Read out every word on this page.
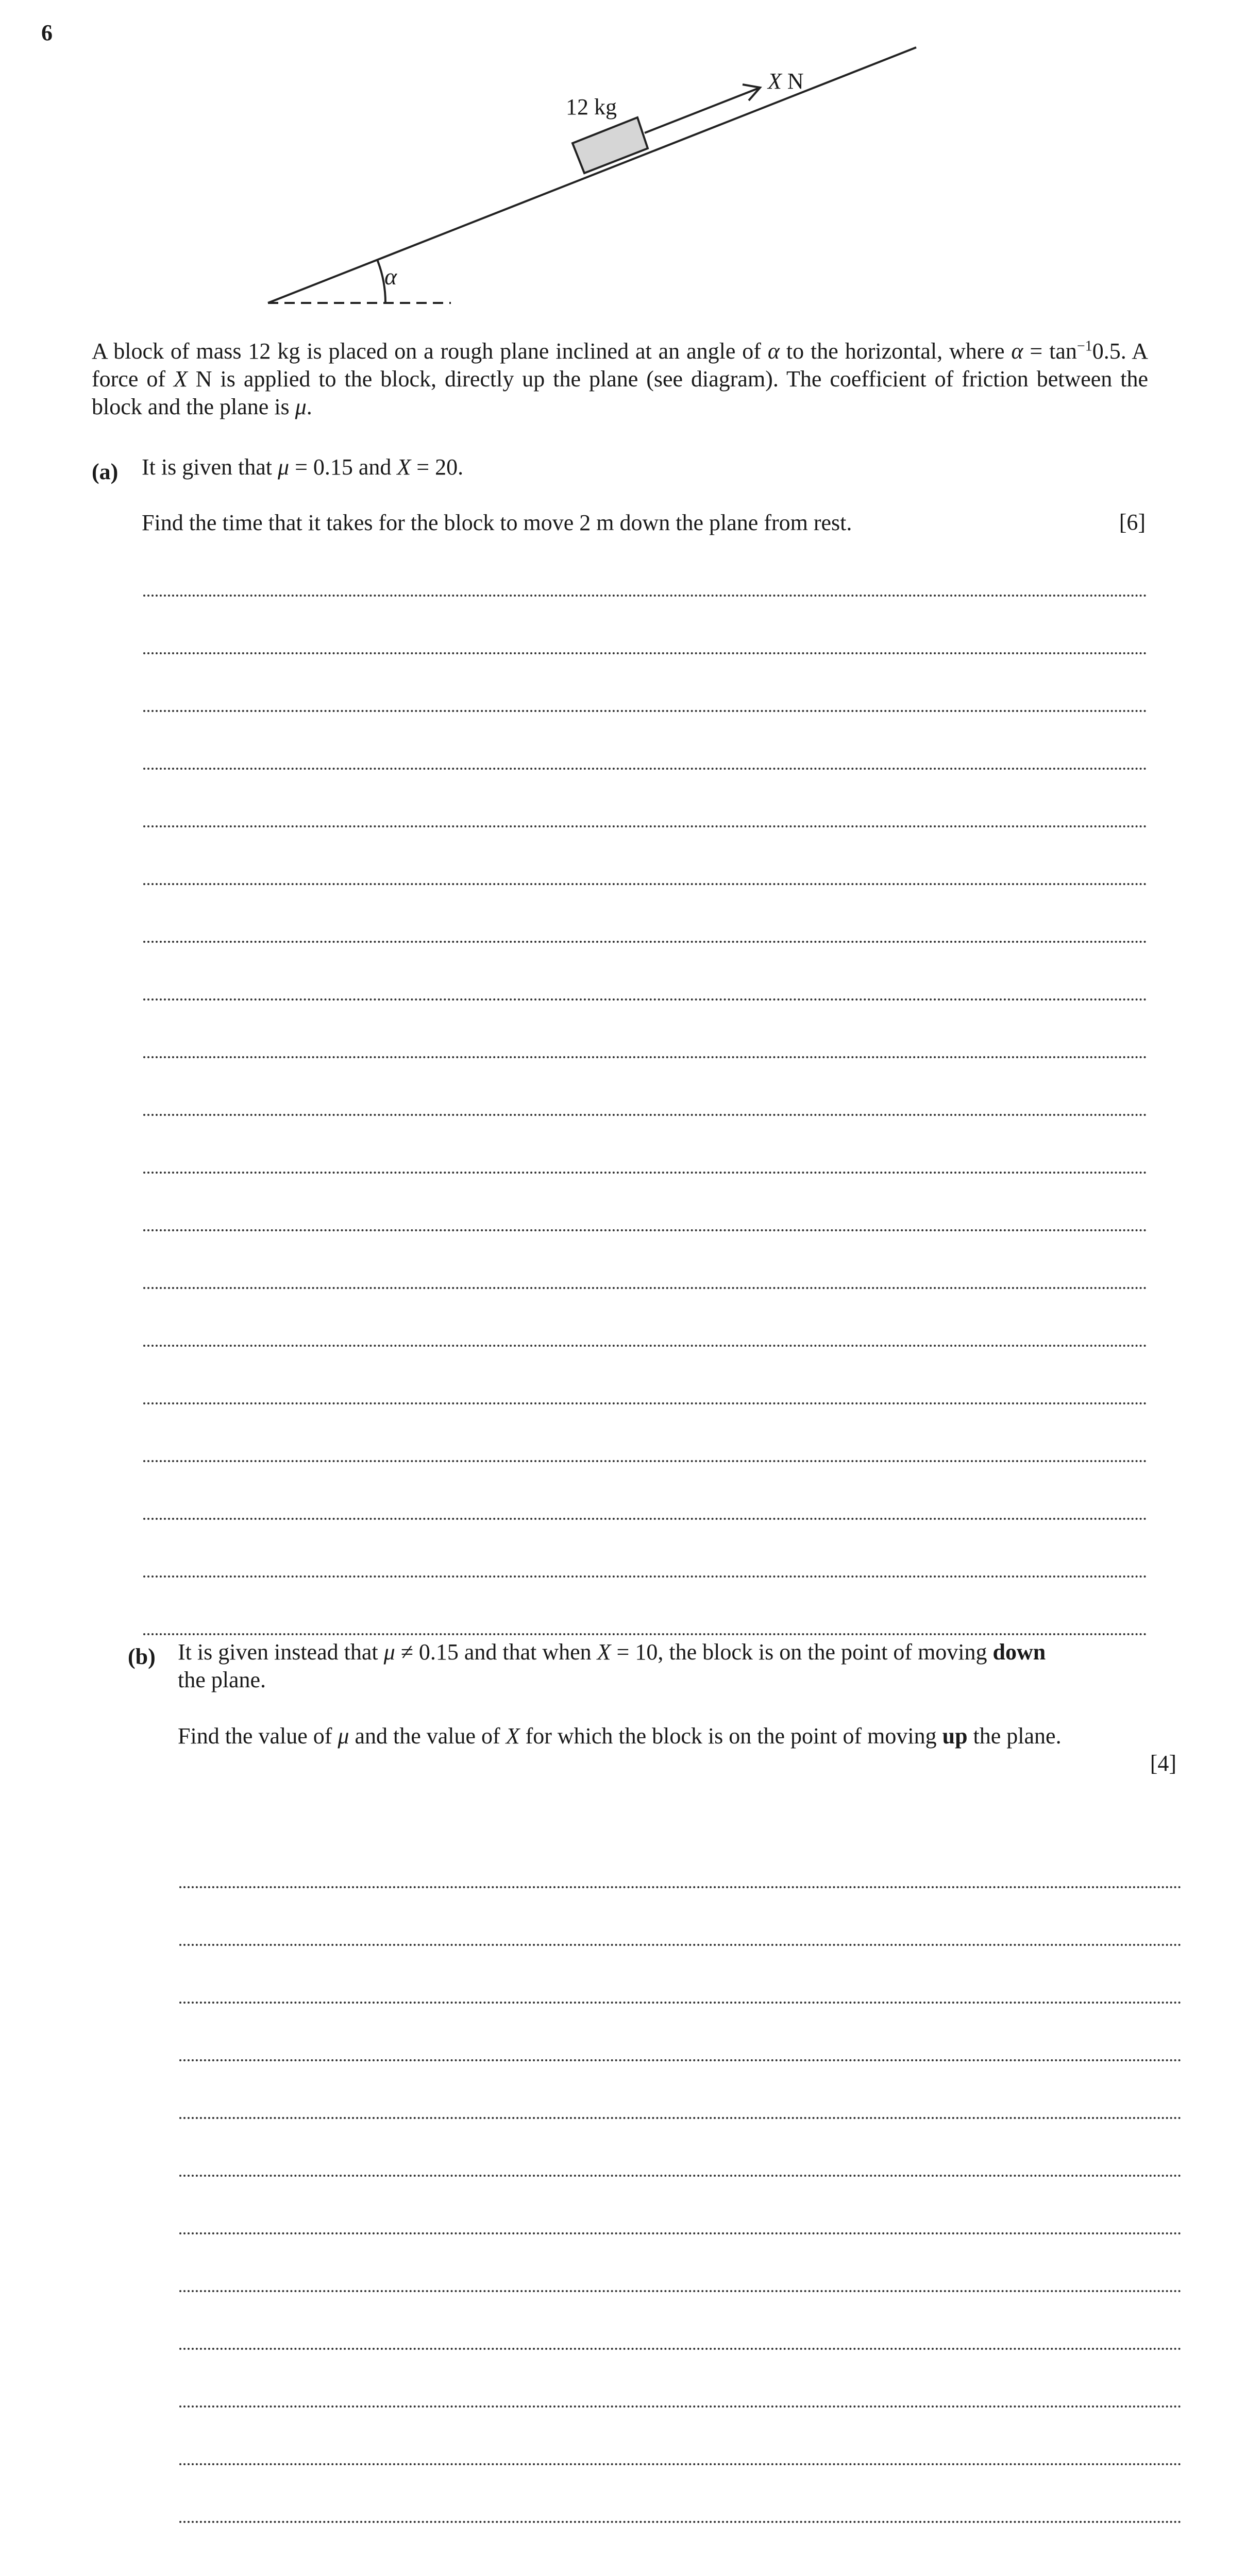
6
12 kg
X N
α

A block of mass 12 kg is placed on a rough plane inclined at an angle of α to the horizontal, where $\alpha = \tan^{-1}0.5$. A force of X N is applied to the block, directly up the plane (see diagram). The coefficient of friction between the block and the plane is μ.

(a) It is given that μ = 0.15 and X = 20.
Find the time that it takes for the block to move 2 m down the plane from rest.	[6]
(b) It is given instead that μ ≠ 0.15 and that when X = 10, the block is on the point of moving down
the plane.
Find the value of μ and the value of X for which the block is on the point of moving up the plane.
[4]
